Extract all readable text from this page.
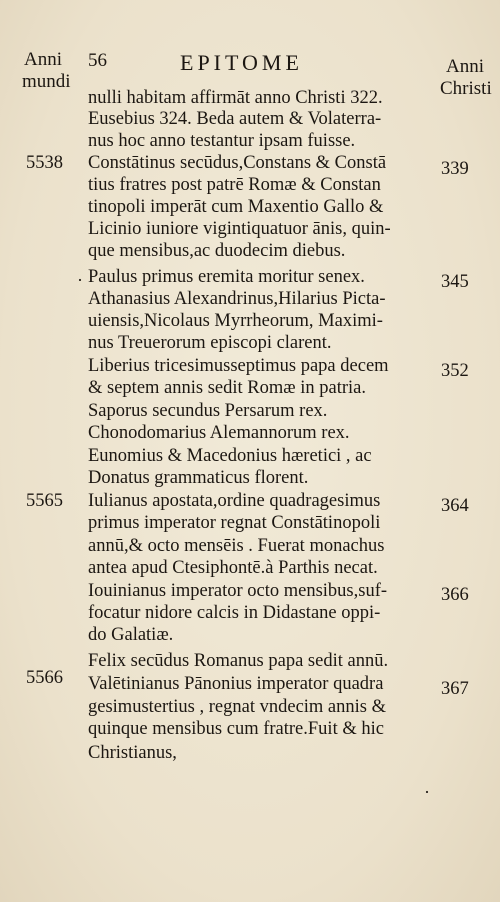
Anni
mundi
56	EPITOME	Anni
Christi
nulli habitam affirmāt anno Christi 322.
Eusebius 324. Beda autem & Volaterra-
nus hoc anno testantur ipsam fuisse.
Constātinus secūdus,Constans & Constā
tius fratres post patrē Romæ & Constan
tinopoli imperāt cum Maxentio Gallo &
Licinio iuniore vigintiquatuor ānis, quin-
que mensibus,ac duodecim diebus.
Paulus primus eremita moritur senex.
Athanasius Alexandrinus,Hilarius Picta-
uiensis,Nicolaus Myrrheorum, Maximi-
nus Treuerorum episcopi clarent.
Liberius tricesimusseptimus papa decem
& septem annis sedit Romæ in patria.
Saporus secundus Persarum rex.
Chonodomarius Alemannorum rex.
Eunomius & Macedonius hæretici , ac
Donatus grammaticus florent.
Iulianus apostata,ordine quadragesimus
primus imperator regnat Constātinopoli
annū,& octo mensēis . Fuerat monachus
antea apud Ctesiphontē.à Parthis necat.
Iouinianus imperator octo mensibus,suf-
focatur nidore calcis in Didastane oppi-
do Galatiæ.
Felix secūdus Romanus papa sedit annū.
Valētinianus Pānonius imperator quadra
gesimustertius , regnat vndecim annis &
quinque mensibus cum fratre.Fuit & hic
Christianus,
5538
5565
5566
339
345
352
364
366
367
·
·
